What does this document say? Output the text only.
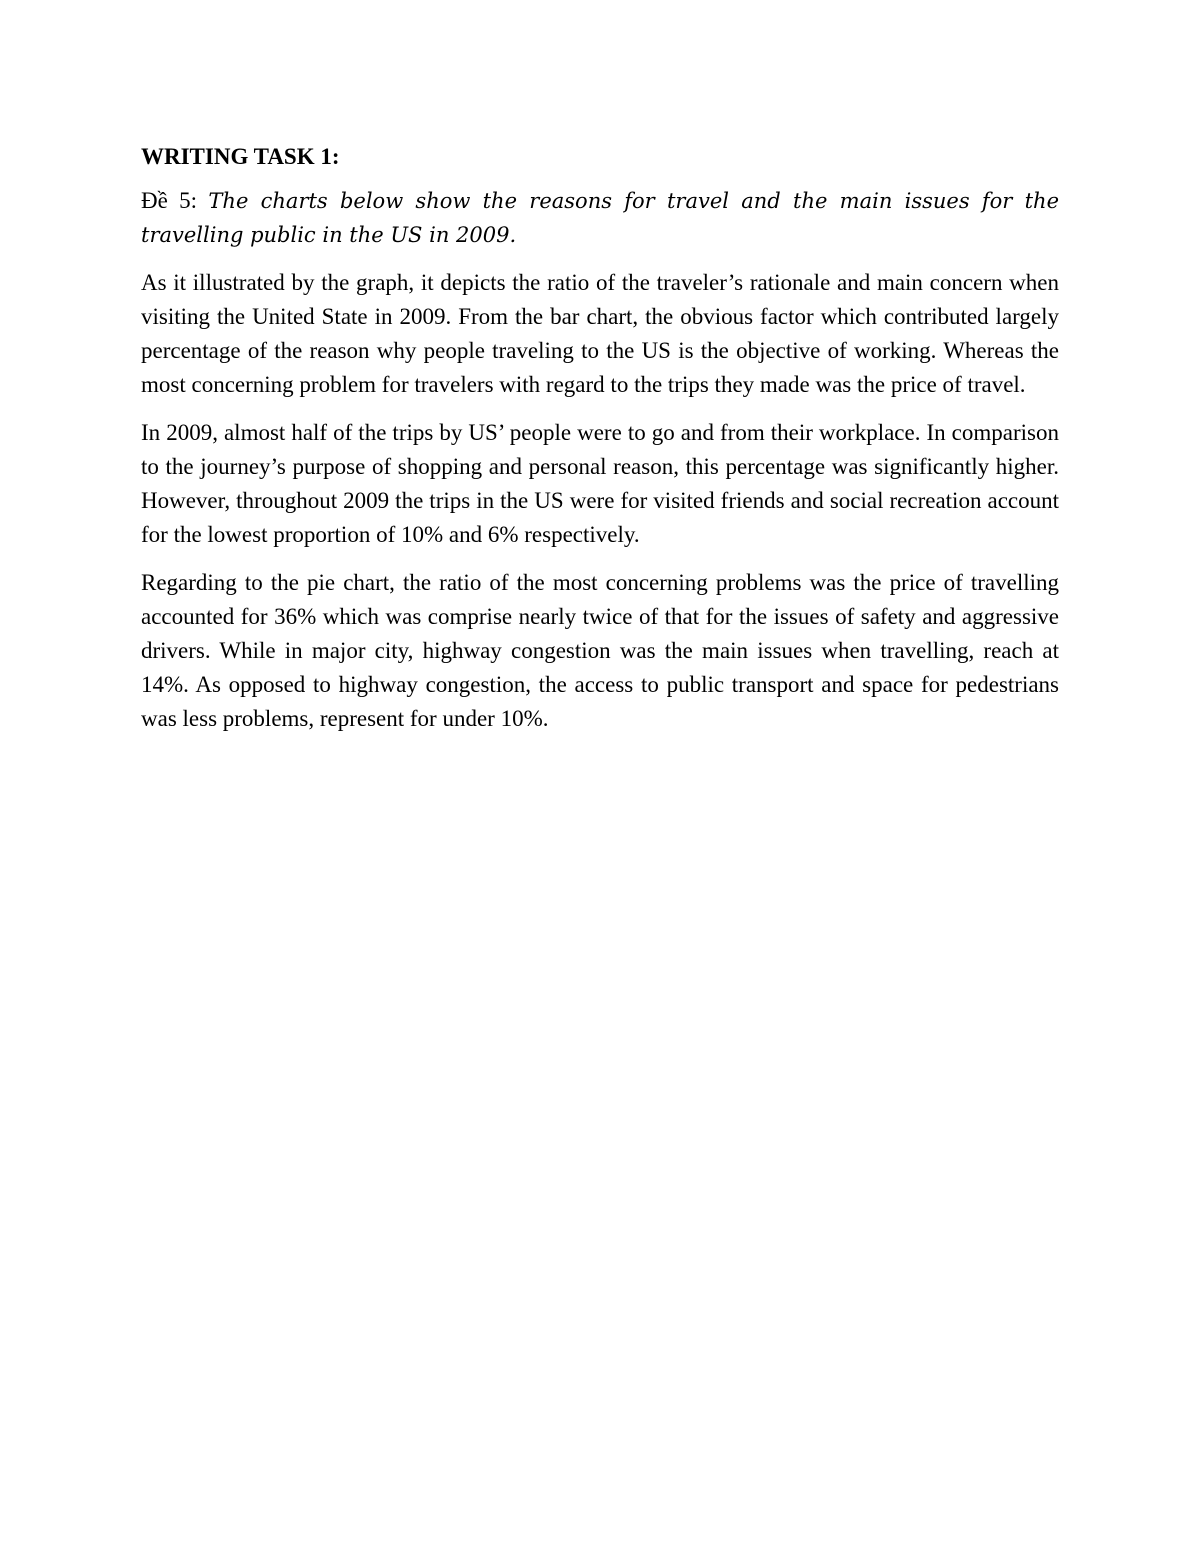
WRITING TASK 1:

Đề 5: The charts below show the reasons for travel and the main issues for the travelling public in the US in 2009.

As it illustrated by the graph, it depicts the ratio of the traveler’s rationale and main concern when visiting the United State in 2009. From the bar chart, the obvious factor which contributed largely percentage of the reason why people traveling to the US is the objective of working. Whereas the most concerning problem for travelers with regard to the trips they made was the price of travel.

In 2009, almost half of the trips by US’ people were to go and from their workplace. In comparison to the journey’s purpose of shopping and personal reason, this percentage was significantly higher. However, throughout 2009 the trips in the US were for visited friends and social recreation account for the lowest proportion of 10% and 6% respectively.

Regarding to the pie chart, the ratio of the most concerning problems was the price of travelling accounted for 36% which was comprise nearly twice of that for the issues of safety and aggressive drivers. While in major city, highway congestion was the main issues when travelling, reach at 14%. As opposed to highway congestion, the access to public transport and space for pedestrians was less problems, represent for under 10%.
